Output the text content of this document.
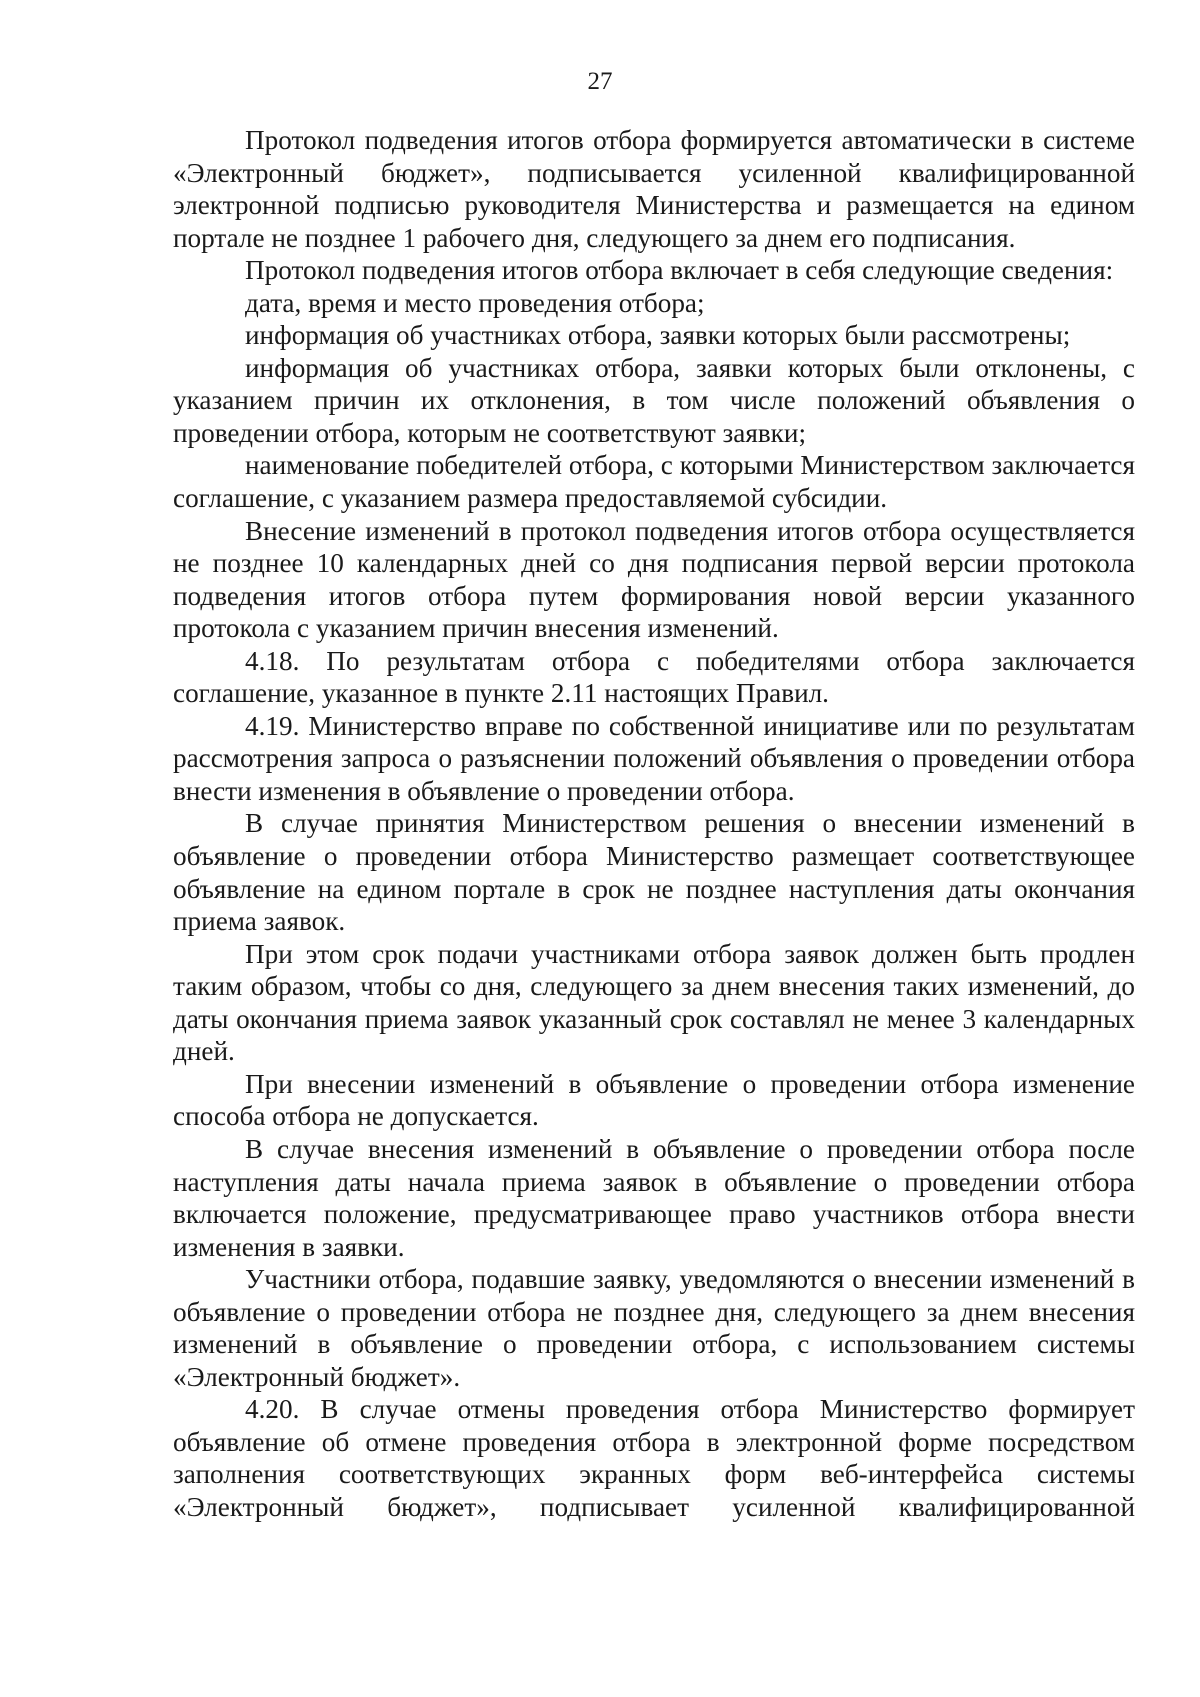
27

Протокол подведения итогов отбора формируется автоматически в системе «Электронный бюджет», подписывается усиленной квалифицированной электронной подписью руководителя Министерства и размещается на едином портале не позднее 1 рабочего дня, следующего за днем его подписания.

Протокол подведения итогов отбора включает в себя следующие сведения:

дата, время и место проведения отбора;

информация об участниках отбора, заявки которых были рассмотрены;

информация об участниках отбора, заявки которых были отклонены, с указанием причин их отклонения, в том числе положений объявления о проведении отбора, которым не соответствуют заявки;

наименование победителей отбора, с которыми Министерством заключается соглашение, с указанием размера предоставляемой субсидии.

Внесение изменений в протокол подведения итогов отбора осуществляется не позднее 10 календарных дней со дня подписания первой версии протокола подведения итогов отбора путем формирования новой версии указанного протокола с указанием причин внесения изменений.

4.18. По результатам отбора с победителями отбора заключается соглашение, указанное в пункте 2.11 настоящих Правил.

4.19. Министерство вправе по собственной инициативе или по результатам рассмотрения запроса о разъяснении положений объявления о проведении отбора внести изменения в объявление о проведении отбора.

В случае принятия Министерством решения о внесении изменений в объявление о проведении отбора Министерство размещает соответствующее объявление на едином портале в срок не позднее наступления даты окончания приема заявок.

При этом срок подачи участниками отбора заявок должен быть продлен таким образом, чтобы со дня, следующего за днем внесения таких изменений, до даты окончания приема заявок указанный срок составлял не менее 3 календарных дней.

При внесении изменений в объявление о проведении отбора изменение способа отбора не допускается.

В случае внесения изменений в объявление о проведении отбора после наступления даты начала приема заявок в объявление о проведении отбора включается положение, предусматривающее право участников отбора внести изменения в заявки.

Участники отбора, подавшие заявку, уведомляются о внесении изменений в объявление о проведении отбора не позднее дня, следующего за днем внесения изменений в объявление о проведении отбора, с использованием системы «Электронный бюджет».

4.20. В случае отмены проведения отбора Министерство формирует объявление об отмене проведения отбора в электронной форме посредством заполнения соответствующих экранных форм веб-интерфейса системы «Электронный бюджет», подписывает усиленной квалифицированной
